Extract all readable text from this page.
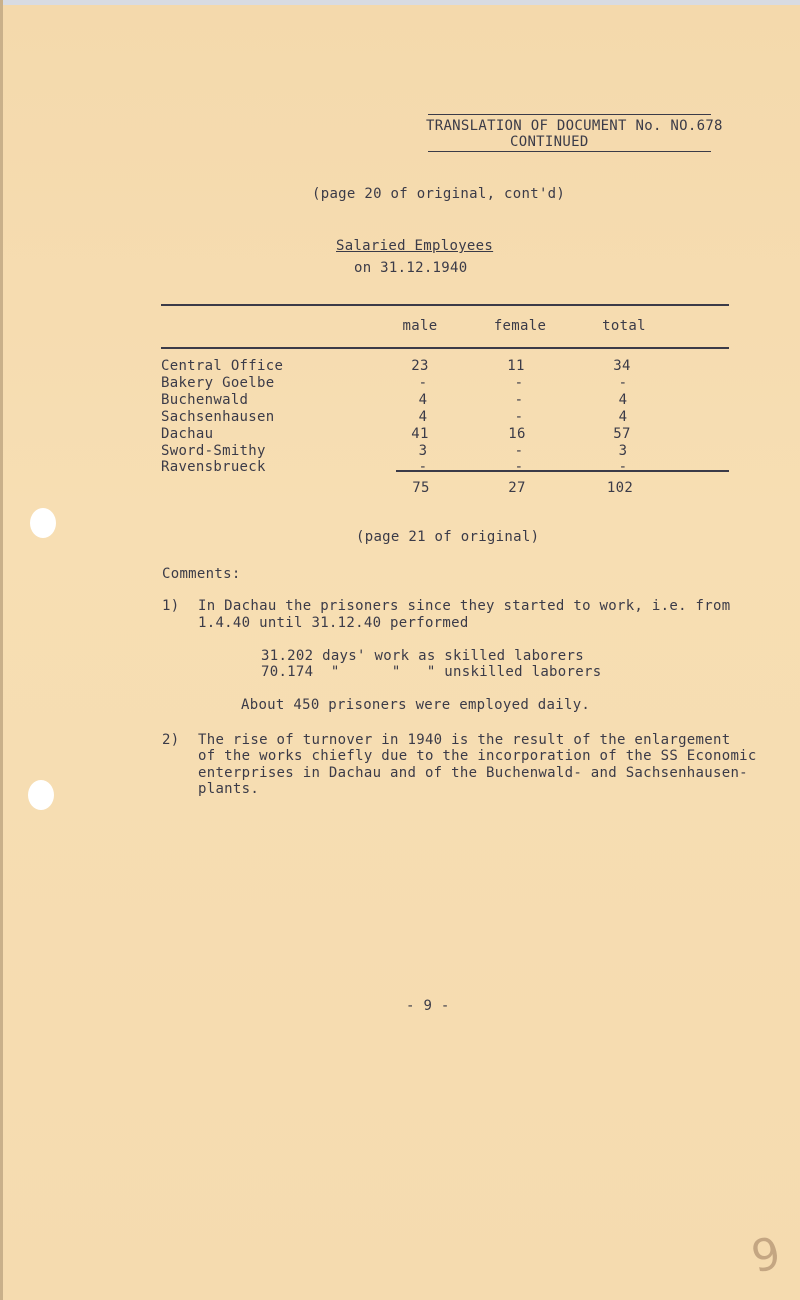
TRANSLATION OF DOCUMENT No. NO.678
CONTINUED
(page 20 of original, cont'd)
Salaried Employees
on 31.12.1940
male	female	total
Central Office	23	11	34
Bakery Goelbe	-	-	-
Buchenwald	4	-	4
Sachsenhausen	4	-	4
Dachau	41	16	57
Sword-Smithy	3	-	3
Ravensbrueck	-	-	-
75	27	102
(page 21 of original)
Comments:
1) In Dachau the prisoners since they started to work, i.e. from
1.4.40 until 31.12.40 performed
31.202 days' work as skilled laborers
70.174  "      "   " unskilled laborers
About 450 prisoners were employed daily.
2) The rise of turnover in 1940 is the result of the enlargement
of the works chiefly due to the incorporation of the SS Economic
enterprises in Dachau and of the Buchenwald- and Sachsenhausen-
plants.
- 9 -
9
